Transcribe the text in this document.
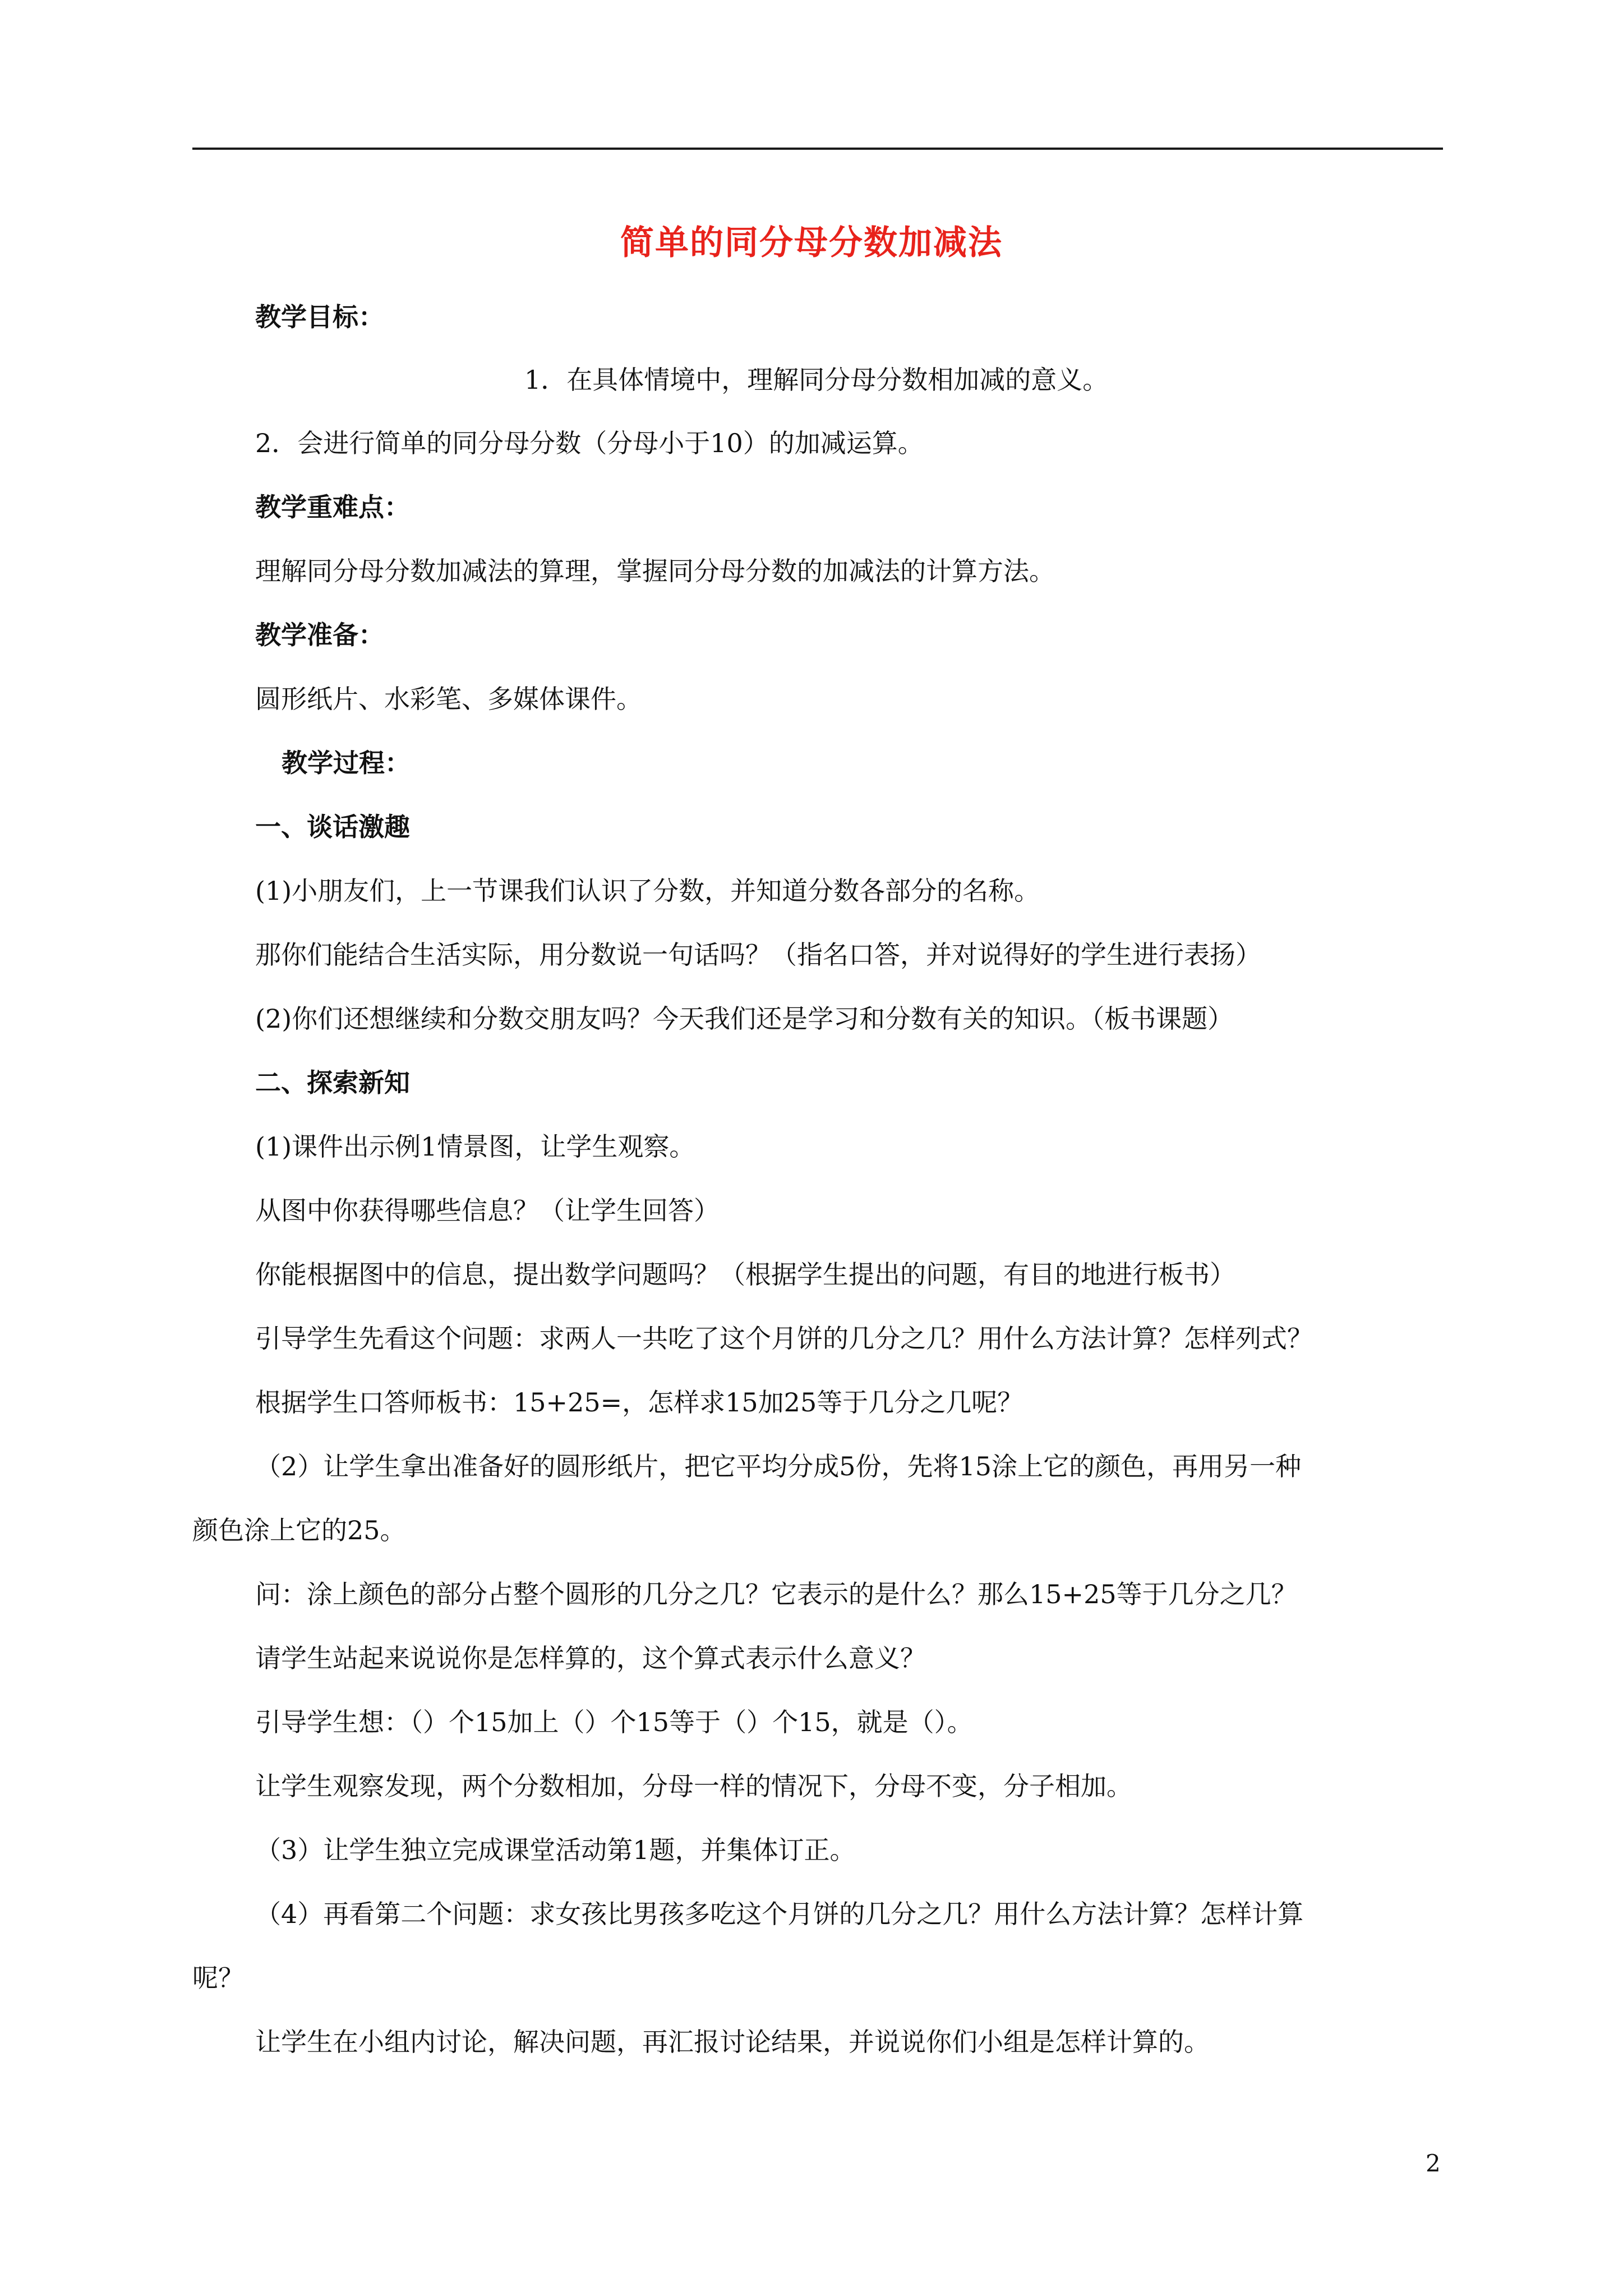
简单的同分母分数加减法
教学目标：
1．在具体情境中，理解同分母分数相加减的意义。
2．会进行简单的同分母分数（分母小于10）的加减运算。
教学重难点：
理解同分母分数加减法的算理，掌握同分母分数的加减法的计算方法。
教学准备：
圆形纸片、水彩笔、多媒体课件。
教学过程：
一、谈话激趣
(1)小朋友们，上一节课我们认识了分数，并知道分数各部分的名称。
那你们能结合生活实际，用分数说一句话吗？（指名口答，并对说得好的学生进行表扬）
(2)你们还想继续和分数交朋友吗？今天我们还是学习和分数有关的知识。（板书课题）
二、探索新知
(1)课件出示例1情景图，让学生观察。
从图中你获得哪些信息？（让学生回答）
你能根据图中的信息，提出数学问题吗？（根据学生提出的问题，有目的地进行板书）
引导学生先看这个问题：求两人一共吃了这个月饼的几分之几？用什么方法计算？怎样列式？
根据学生口答师板书：15+25=，怎样求15加25等于几分之几呢？
（2）让学生拿出准备好的圆形纸片，把它平均分成5份，先将15涂上它的颜色，再用另一种
颜色涂上它的25。
问：涂上颜色的部分占整个圆形的几分之几？它表示的是什么？那么15+25等于几分之几？
请学生站起来说说你是怎样算的，这个算式表示什么意义？
引导学生想：（）个15加上（）个15等于（）个15，就是（）。
让学生观察发现，两个分数相加，分母一样的情况下，分母不变，分子相加。
（3）让学生独立完成课堂活动第1题，并集体订正。
（4）再看第二个问题：求女孩比男孩多吃这个月饼的几分之几？用什么方法计算？怎样计算
呢？
让学生在小组内讨论，解决问题，再汇报讨论结果，并说说你们小组是怎样计算的。
2
